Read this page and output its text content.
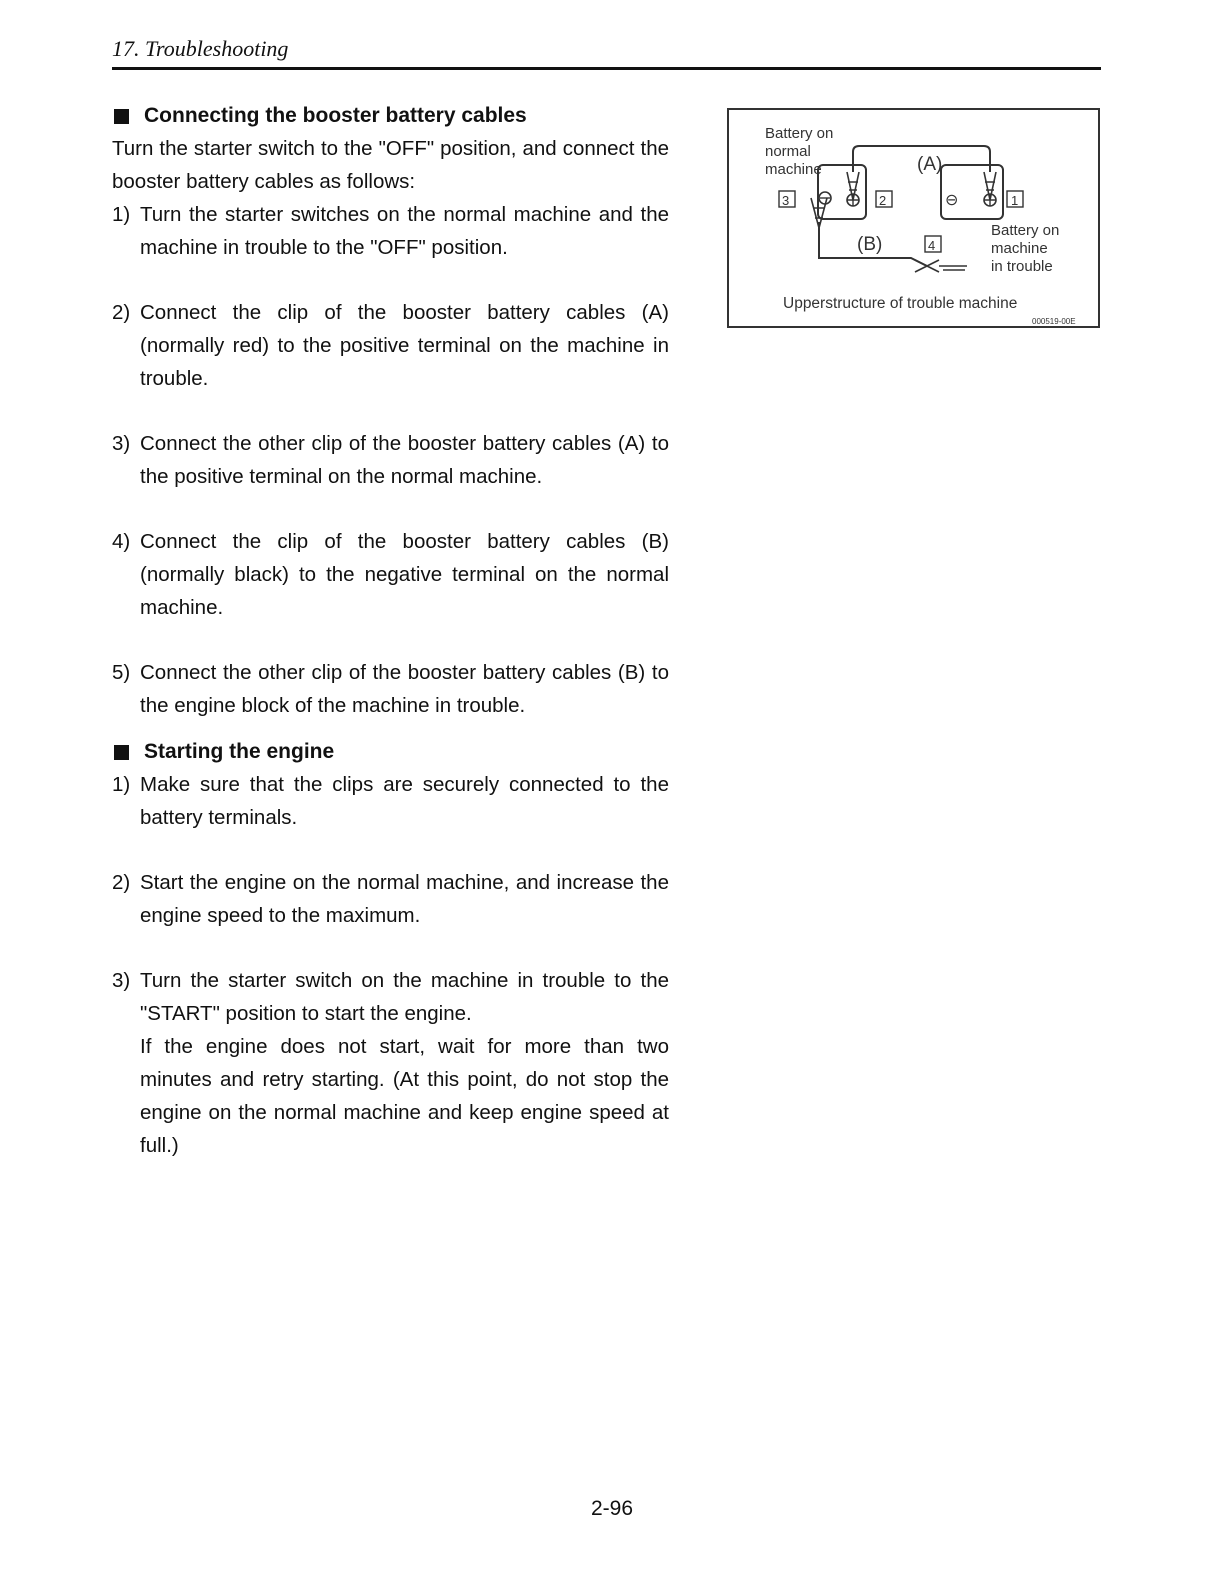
17. Troubleshooting
Connecting the booster battery cables
Turn the starter switch to the "OFF" position, and connect the booster battery cables as follows:
1) Turn the starter switches on the normal machine and the machine in trouble to the "OFF" position.
2) Connect the clip of the booster battery cables (A) (normally red) to the positive terminal on the machine in trouble.
3) Connect the other clip of the booster battery cables (A) to the positive terminal on the normal machine.
4) Connect the clip of the booster battery cables (B) (normally black) to the negative terminal on the normal machine.
5) Connect the other clip of the booster battery cables (B) to the engine block of the machine in trouble.
Starting the engine
1) Make sure that the clips are securely connected to the battery terminals.
2) Start the engine on the normal machine, and increase the engine speed to the maximum.
3) Turn the starter switch on the machine in trouble to the "START" position to start the engine.
If the engine does not start, wait for more than two minutes and retry starting. (At this point, do not stop the engine on the normal machine and keep engine speed at full.)
Battery on
normal
machine	(A)
(B)
3	2	1
4
⊖
Battery on
machine
in trouble
Upperstructure of trouble machine
000519-00E
2-96
